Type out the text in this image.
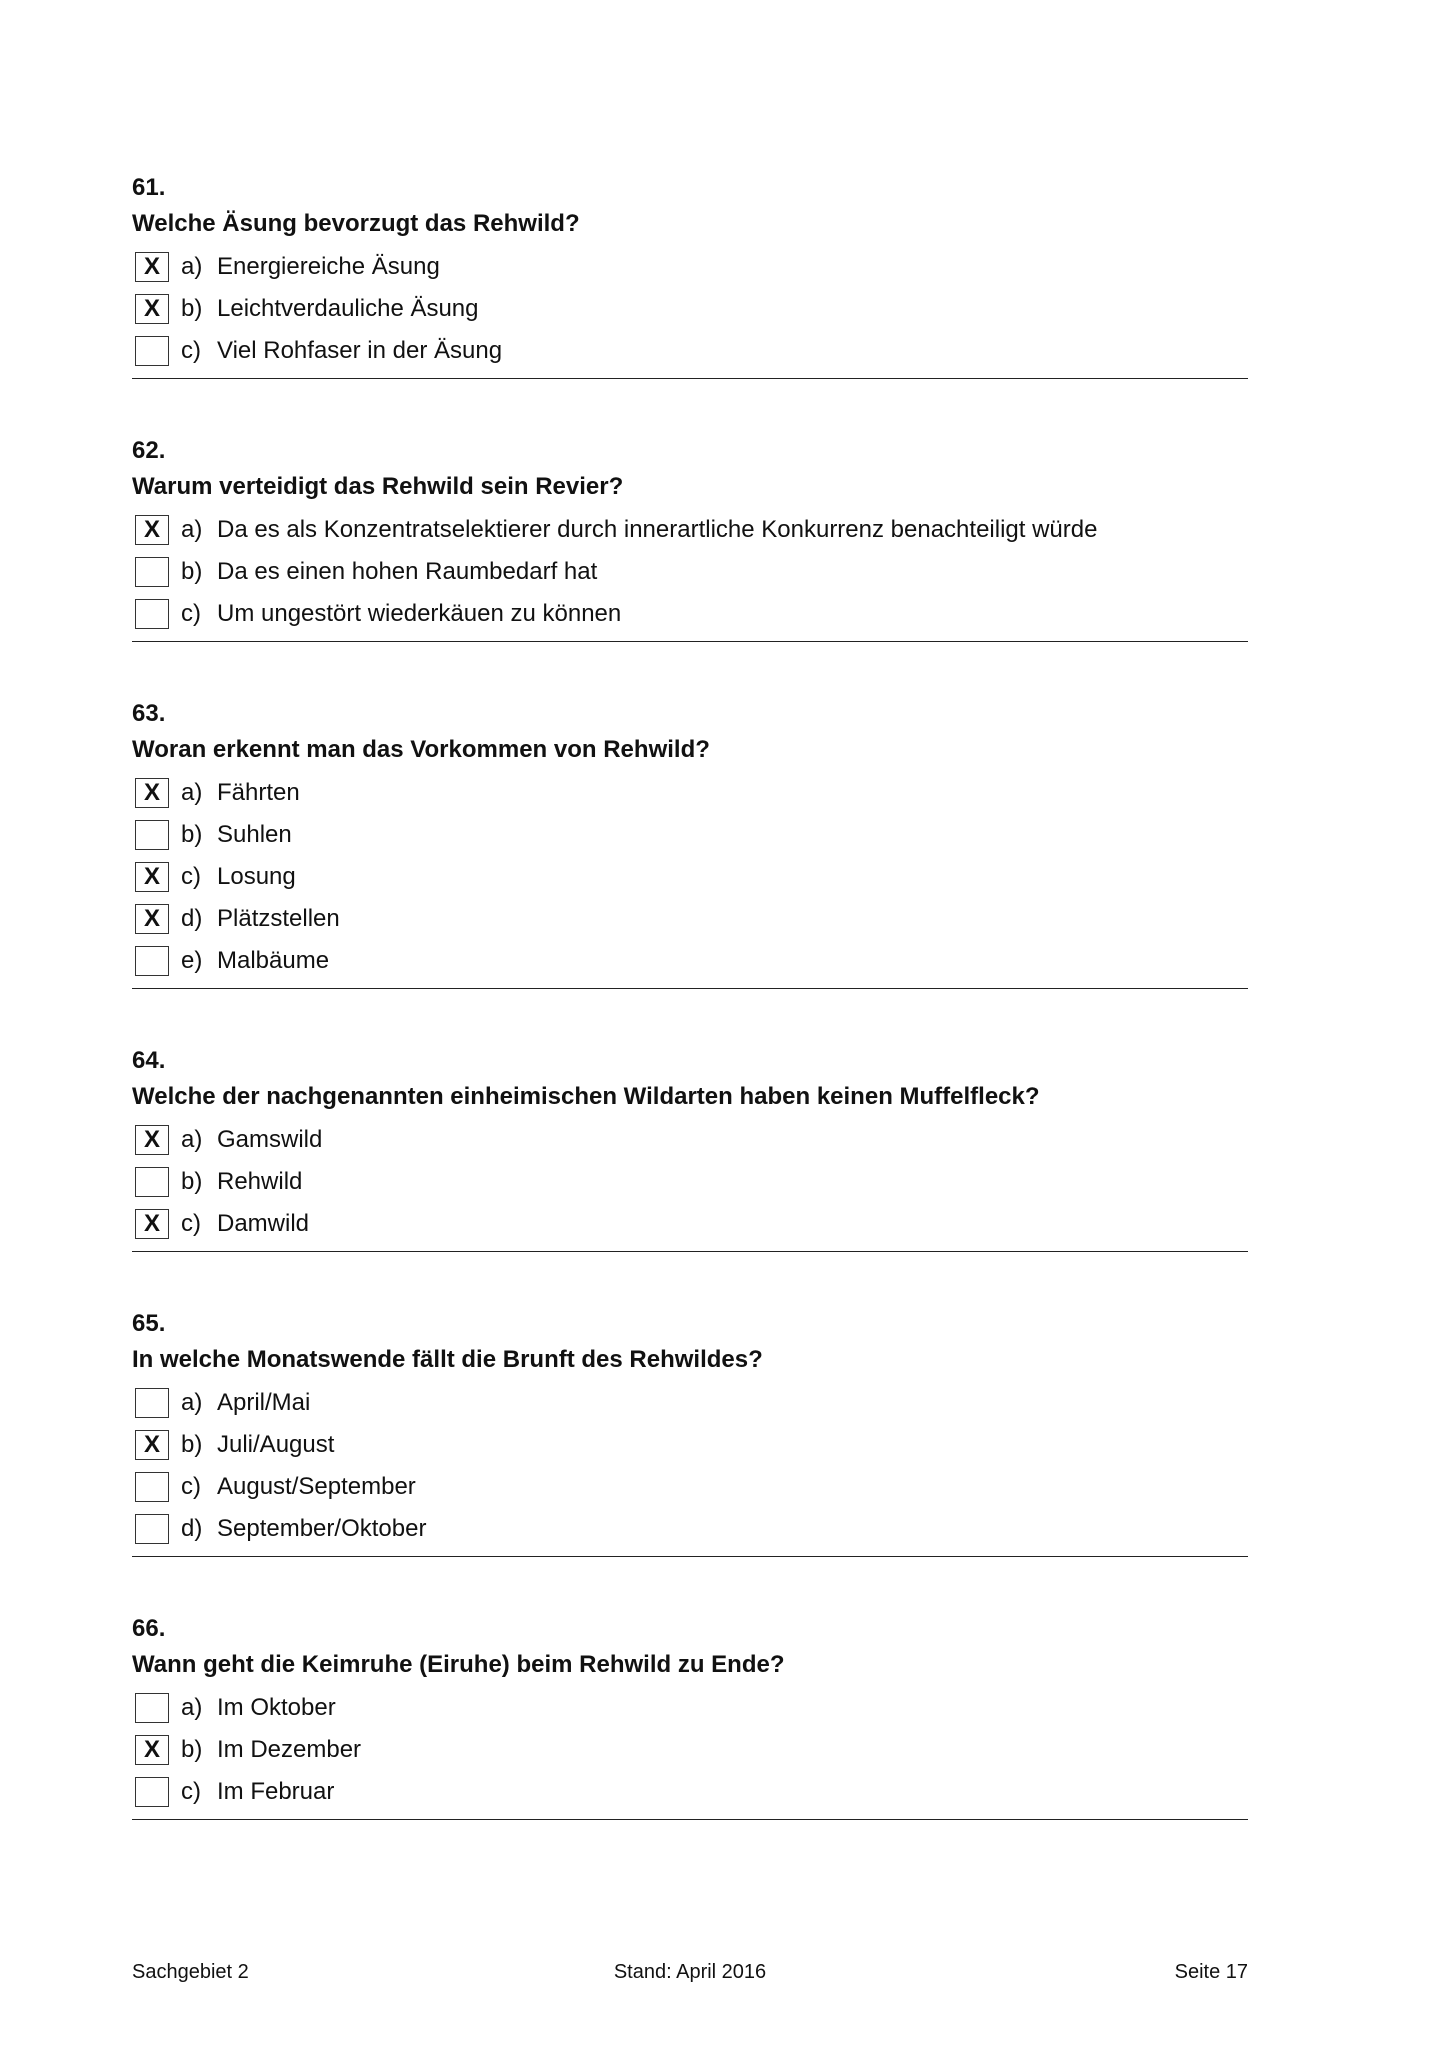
61.
Welche Äsung bevorzugt das Rehwild?
X a) Energiereiche Äsung
X b) Leichtverdauliche Äsung
c) Viel Rohfaser in der Äsung
62.
Warum verteidigt das Rehwild sein Revier?
X a) Da es als Konzentratselektierer durch innerartliche Konkurrenz benachteiligt würde
b) Da es einen hohen Raumbedarf hat
c) Um ungestört wiederkäuen zu können
63.
Woran erkennt man das Vorkommen von Rehwild?
X a) Fährten
b) Suhlen
X c) Losung
X d) Plätzstellen
e) Malbäume
64.
Welche der nachgenannten einheimischen Wildarten haben keinen Muffelfleck?
X a) Gamswild
b) Rehwild
X c) Damwild
65.
In welche Monatswende fällt die Brunft des Rehwildes?
a) April/Mai
X b) Juli/August
c) August/September
d) September/Oktober
66.
Wann geht die Keimruhe (Eiruhe) beim Rehwild zu Ende?
a) Im Oktober
X b) Im Dezember
c) Im Februar
Sachgebiet 2	Stand: April 2016	Seite 17
